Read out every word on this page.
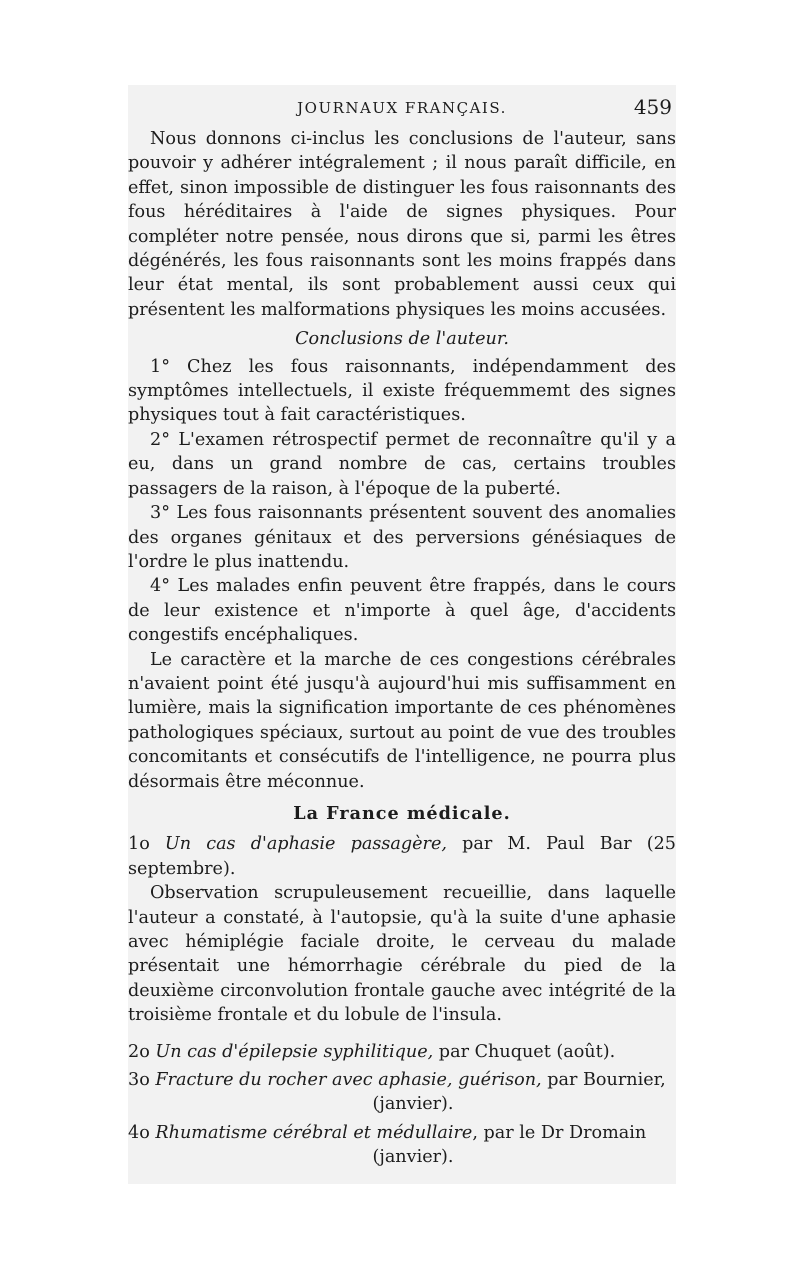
JOURNAUX FRANÇAIS.	459

Nous donnons ci-inclus les conclusions de l'auteur, sans pouvoir y adhérer intégralement ; il nous paraît difficile, en effet, sinon impossible de distinguer les fous raisonnants des fous héréditaires à l'aide de signes physiques. Pour compléter notre pensée, nous dirons que si, parmi les êtres dégénérés, les fous raisonnants sont les moins frappés dans leur état mental, ils sont probablement aussi ceux qui présentent les malformations physiques les moins accusées.

Conclusions de l'auteur.

1° Chez les fous raisonnants, indépendamment des symptômes intellectuels, il existe fréquemmemt des signes physiques tout à fait caractéristiques.

2° L'examen rétrospectif permet de reconnaître qu'il y a eu, dans un grand nombre de cas, certains troubles passagers de la raison, à l'époque de la puberté.

3° Les fous raisonnants présentent souvent des anomalies des organes génitaux et des perversions génésiaques de l'ordre le plus inattendu.

4° Les malades enfin peuvent être frappés, dans le cours de leur existence et n'importe à quel âge, d'accidents congestifs encéphaliques.

Le caractère et la marche de ces congestions cérébrales n'avaient point été jusqu'à aujourd'hui mis suffisamment en lumière, mais la signification importante de ces phénomènes pathologiques spéciaux, surtout au point de vue des troubles concomitants et consécutifs de l'intelligence, ne pourra plus désormais être méconnue.

La France médicale.

1o Un cas d'aphasie passagère, par M. Paul Bar (25 septembre).

Observation scrupuleusement recueillie, dans laquelle l'auteur a constaté, à l'autopsie, qu'à la suite d'une aphasie avec hémiplégie faciale droite, le cerveau du malade présentait une hémorrhagie cérébrale du pied de la deuxième circonvolution frontale gauche avec intégrité de la troisième frontale et du lobule de l'insula.

2o Un cas d'épilepsie syphilitique, par Chuquet (août).

3o Fracture du rocher avec aphasie, guérison, par Bournier,
(janvier).

4o Rhumatisme cérébral et médullaire, par le Dr Dromain
(janvier).
